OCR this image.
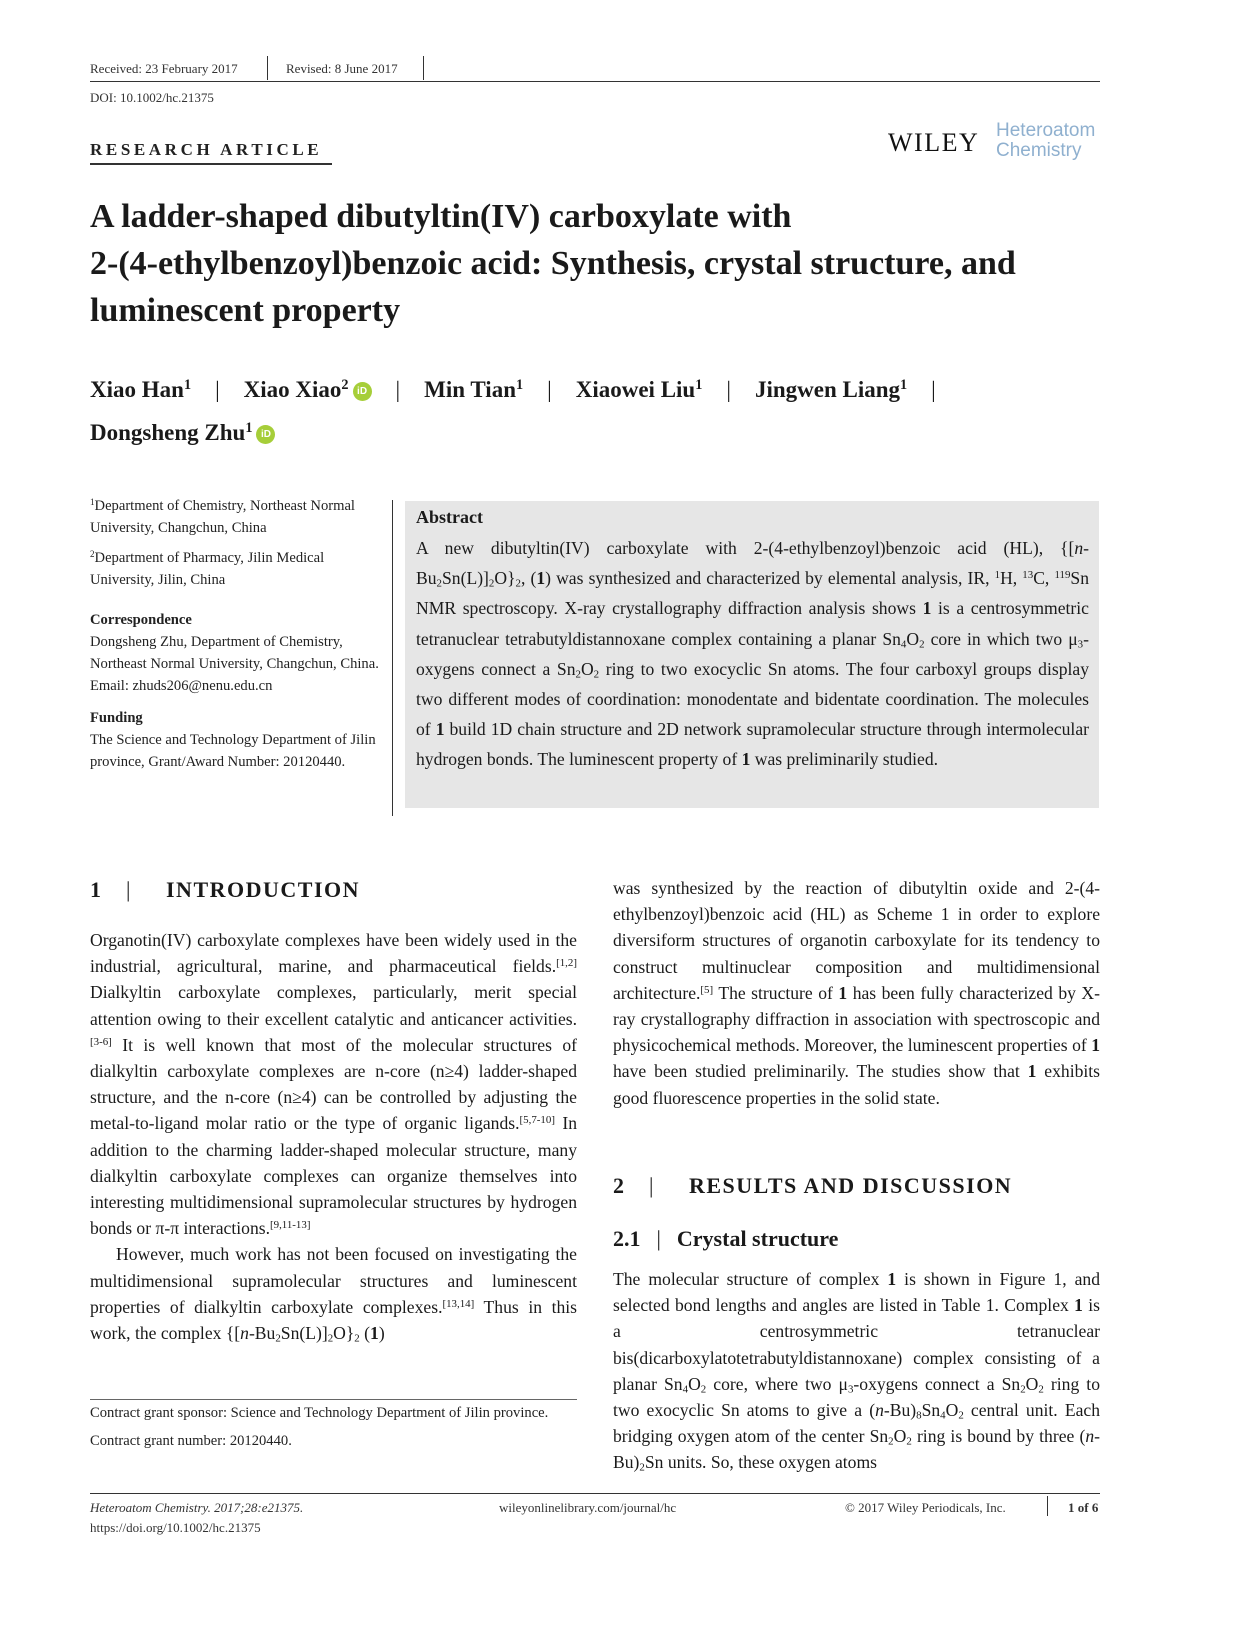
Received: 23 February 2017	Revised: 8 June 2017
DOI: 10.1002/hc.21375
RESEARCH ARTICLE	WILEY Heteroatom
Chemistry
A ladder-shaped dibutyltin(IV) carboxylate with
2-(4-ethylbenzoyl)benzoic acid: Synthesis, crystal structure, and
luminescent property
Xiao Han$^1$ | Xiao Xiao$^2$ iD | Min Tian$^1$ | Xiaowei Liu$^1$ | Jingwen Liang$^1$ |
Dongsheng Zhu$^1$ iD

$^1$Department of Chemistry, Northeast Normal University, Changchun, China

$^2$Department of Pharmacy, Jilin Medical University, Jilin, China

Correspondence

Dongsheng Zhu, Department of Chemistry, Northeast Normal University, Changchun, China.

Email: zhuds206@nenu.edu.cn

Funding

The Science and Technology Department of Jilin province, Grant/Award Number: 20120440.

Abstract
A new dibutyltin(IV) carboxylate with 2-(4-ethylbenzoyl)benzoic acid (HL), $\{[n-Bu_2Sn(L)]_2O\}_2$, (1) was synthesized and characterized by elemental analysis, IR, $^1$H, $^{13}$C, $^{119}$Sn NMR spectroscopy. X-ray crystallography diffraction analysis shows 1 is a centrosymmetric tetranuclear tetrabutyldistannoxane complex containing a planar $Sn_4O_2$ core in which two $\mu_3$-oxygens connect a $Sn_2O_2$ ring to two exocyclic Sn atoms. The four carboxyl groups display two different modes of coordination: monodentate and bidentate coordination. The molecules of 1 build 1D chain structure and 2D network supramolecular structure through intermolecular hydrogen bonds. The luminescent property of 1 was preliminarily studied.
1 | INTRODUCTION

Organotin(IV) carboxylate complexes have been widely used in the industrial, agricultural, marine, and pharmaceutical fields.[1,2] Dialkyltin carboxylate complexes, particularly, merit special attention owing to their excellent catalytic and anticancer activities.[3-6] It is well known that most of the molecular structures of dialkyltin carboxylate complexes are n-core (n≥4) ladder-shaped structure, and the n-core (n≥4) can be controlled by adjusting the metal-to-ligand molar ratio or the type of organic ligands.[5,7-10] In addition to the charming ladder-shaped molecular structure, many dialkyltin carboxylate complexes can organize themselves into interesting multidimensional supramolecular structures by hydrogen bonds or π-π interactions.[9,11-13]

However, much work has not been focused on investigating the multidimensional supramolecular structures and luminescent properties of dialkyltin carboxylate complexes.[13,14] Thus in this work, the complex $\{[n-Bu_2Sn(L)]_2O\}_2$ (1)

Contract grant sponsor: Science and Technology Department of Jilin province.
Contract grant number: 20120440.

was synthesized by the reaction of dibutyltin oxide and 2-(4-ethylbenzoyl)benzoic acid (HL) as Scheme 1 in order to explore diversiform structures of organotin carboxylate for its tendency to construct multinuclear composition and multidimensional architecture.[5] The structure of 1 has been fully characterized by X-ray crystallography diffraction in association with spectroscopic and physicochemical methods. Moreover, the luminescent properties of 1 have been studied preliminarily. The studies show that 1 exhibits good fluorescence properties in the solid state.

2 | RESULTS AND DISCUSSION
2.1 | Crystal structure

The molecular structure of complex 1 is shown in Figure 1, and selected bond lengths and angles are listed in Table 1. Complex 1 is a centrosymmetric tetranuclear bis(dicarboxylatotetrabutyldistannoxane) complex consisting of a planar $Sn_4O_2$ core, where two $\mu_3$-oxygens connect a $Sn_2O_2$ ring to two exocyclic Sn atoms to give a $(n-Bu)_8Sn_4O_2$ central unit. Each bridging oxygen atom of the center $Sn_2O_2$ ring is bound by three $(n-Bu)_2Sn$ units. So, these oxygen atoms

Heteroatom Chemistry. 2017;28:e21375.
https://doi.org/10.1002/hc.21375
wileyonlinelibrary.com/journal/hc	© 2017 Wiley Periodicals, Inc.	1 of 6
